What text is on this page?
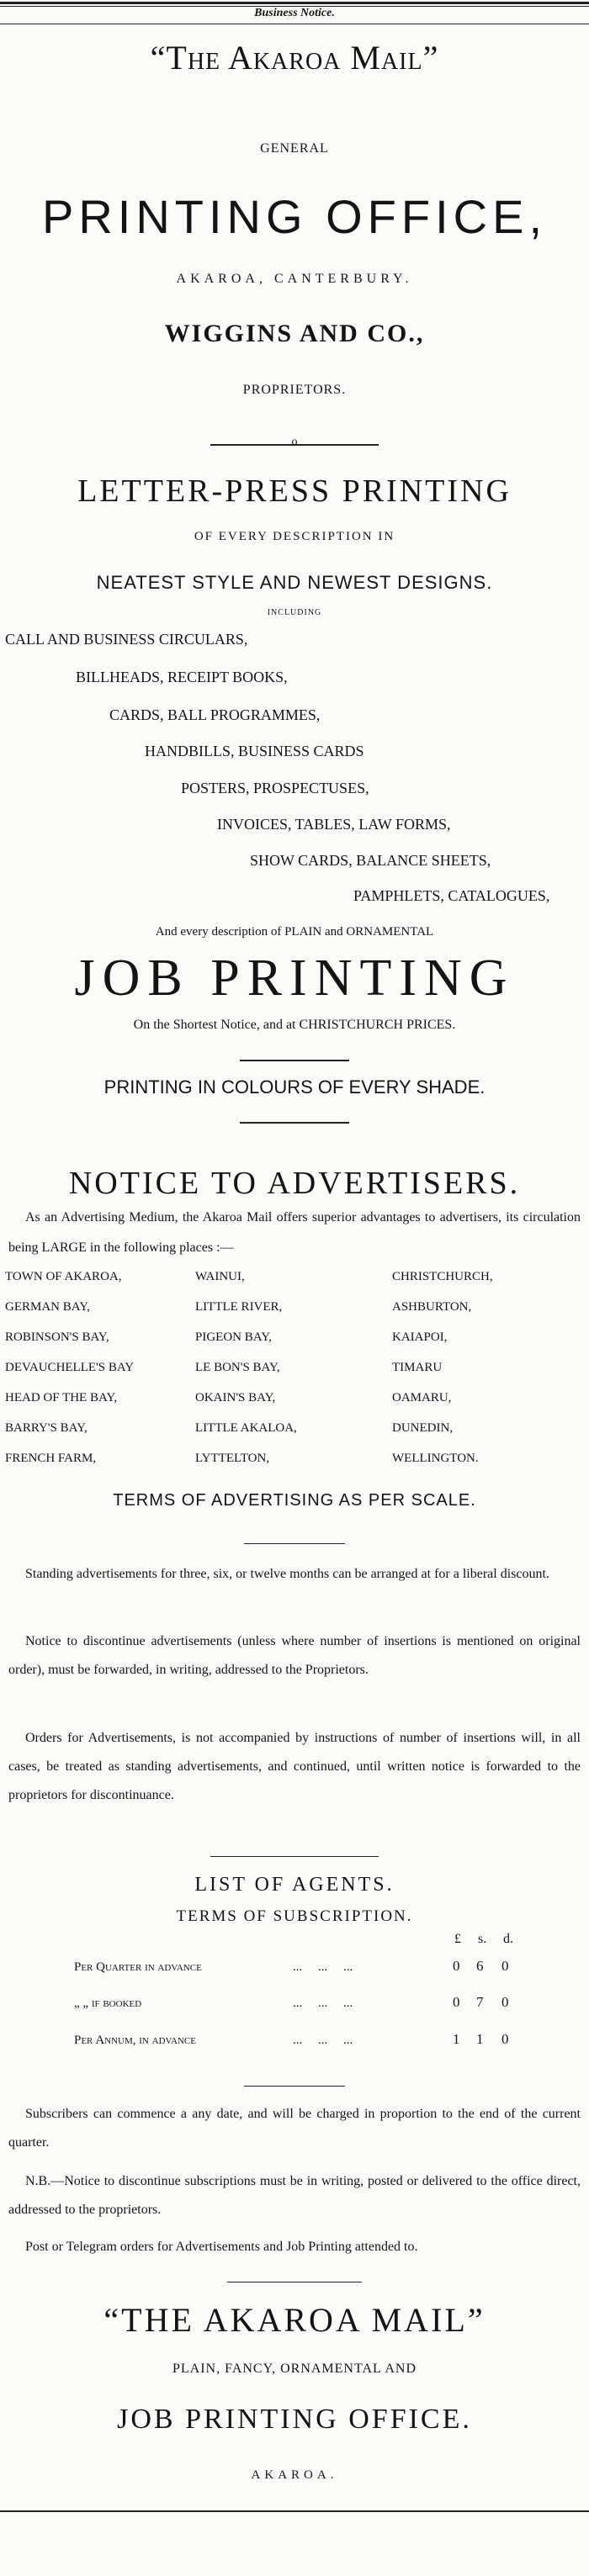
Business Notice.
“The Akaroa Mail”
GENERAL
PRINTING OFFICE,
AKAROA, CANTERBURY.
WIGGINS AND CO.,
PROPRIETORS.
o
LETTER-PRESS PRINTING
OF EVERY DESCRIPTION IN
NEATEST STYLE AND NEWEST DESIGNS.
INCLUDING
CALL AND BUSINESS CIRCULARS,
BILLHEADS, RECEIPT BOOKS,
CARDS, BALL PROGRAMMES,
HANDBILLS, BUSINESS CARDS
POSTERS, PROSPECTUSES,
INVOICES, TABLES, LAW FORMS,
SHOW CARDS, BALANCE SHEETS,
PAMPHLETS, CATALOGUES,
And every description of PLAIN and ORNAMENTAL
JOB PRINTING
On the Shortest Notice, and at CHRISTCHURCH PRICES.
PRINTING IN COLOURS OF EVERY SHADE.
NOTICE TO ADVERTISERS.
As an Advertising Medium, the Akaroa Mail offers superior advantages to advertisers, its circulation being LARGE in the following places :—
TOWN OF AKAROA,	WAINUI,	CHRISTCHURCH,
GERMAN BAY,	LITTLE RIVER,	ASHBURTON,
ROBINSON'S BAY,	PIGEON BAY,	KAIAPOI,
DEVAUCHELLE'S BAY	LE BON'S BAY,	TIMARU
HEAD OF THE BAY,	OKAIN'S BAY,	OAMARU,
BARRY'S BAY,	LITTLE AKALOA,	DUNEDIN,
FRENCH FARM,	LYTTELTON,	WELLINGTON.
TERMS OF ADVERTISING AS PER SCALE.
Standing advertisements for three, six, or twelve months can be arranged at for a liberal discount.
Notice to discontinue advertisements (unless where number of insertions is mentioned on original order), must be forwarded, in writing, addressed to the Proprietors.
Orders for Advertisements, is not accompanied by instructions of number of insertions will, in all cases, be treated as standing advertisements, and continued, until written notice is forwarded to the proprietors for discontinuance.
LIST OF AGENTS.
TERMS OF SUBSCRIPTION.
£ s. d.
Per Quarter in advance	...     ...     ...	0 6 0
„ „ if booked	...     ...     ...	0 7 0
Per Annum, in advance	...     ...     ...	1 1 0
Subscribers can commence a any date, and will be charged in proportion to the end of the current quarter.
N.B.—Notice to discontinue subscriptions must be in writing, posted or delivered to the office direct, addressed to the proprietors.
Post or Telegram orders for Advertisements and Job Printing attended to.
“THE AKAROA MAIL”
PLAIN, FANCY, ORNAMENTAL AND
JOB PRINTING OFFICE.
AKAROA.
